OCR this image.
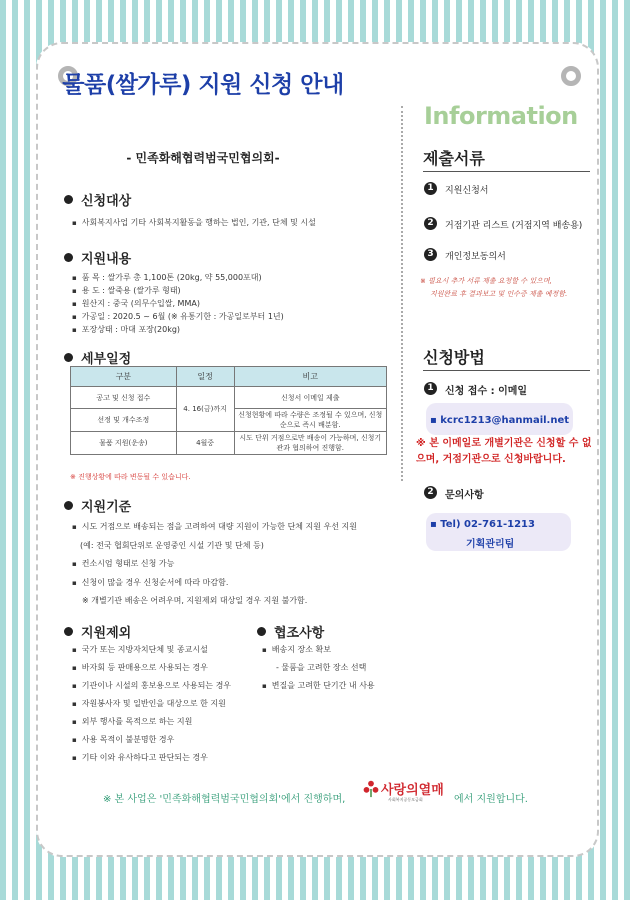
물품(쌀가루) 지원 신청 안내
- 민족화해협력범국민협의회-
신청대상
▪ 사회복지사업 기타 사회복지활동을 행하는 법인, 기관, 단체 및 시설
지원내용
▪ 품 목 : 쌀가루 총 1,100톤 (20kg, 약 55,000포대)
▪ 용 도 : 쌀죽용 (쌀가루 형태)
▪ 원산지 : 중국 (의무수입쌀, MMA)
▪ 가공일 : 2020.5 ~ 6월 (※ 유통기한 : 가공일로부터 1년)
▪ 포장상태 : 마대 포장(20kg)
세부일정
구분	일정	비고
공고 및 신청 접수	4. 16(금)까지	신청서 이메일 제출
선정 및 개수조정		신청현황에 따라 수량은 조정될 수 있으며, 신청순으로 즉시 배분함.
물품 지원(운송)	4월중	시도 단위 거점으로만 배송이 가능하며, 신청기관과 협의하여 진행함.
※ 진행상황에 따라 변동될 수 있습니다.
지원기준
▪ 시도 거점으로 배송되는 점을 고려하여 대량 지원이 가능한 단체 지원 우선 지원
(예: 전국 협회단위로 운영중인 시설 기관 및 단체 등)
▪ 컨소시엄 형태로 신청 가능
▪ 신청이 많을 경우 신청순서에 따라 마감함.
※ 개별기관 배송은 어려우며, 지원제외 대상일 경우 지원 불가함.
지원제외
▪ 국가 또는 지방자치단체 및 종교시설
▪ 바자회 등 판매용으로 사용되는 경우
▪ 기관이나 시설의 홍보용으로 사용되는 경우
▪ 자원봉사자 및 일반인을 대상으로 한 지원
▪ 외부 행사를 목적으로 하는 지원
▪ 사용 목적이 불분명한 경우
▪ 기타 이와 유사하다고 판단되는 경우
협조사항
▪ 배송지 장소 확보
- 물품을 고려한 장소 선택
▪ 변질을 고려한 단기간 내 사용
Information
제출서류
1	지원신청서
2	거점기관 리스트 (거점지역 배송용)
3	개인정보동의서
※ 필요시 추가 서류 제출 요청할 수 있으며,
지원완료 후 결과보고 및 인수증 제출 예정함.
신청방법
1	신청 접수 : 이메일
▪ kcrc1213@hanmail.net
※ 본 이메일로 개별기관은 신청할 수 없으며, 거점기관으로 신청바랍니다.
2	문의사항
▪ Tel) 02-761-1213
기획관리팀
※ 본 사업은 '민족화해협력범국민협의회'에서 진행하며,
사랑의열매
사회복지공동모금회	에서 지원합니다.
